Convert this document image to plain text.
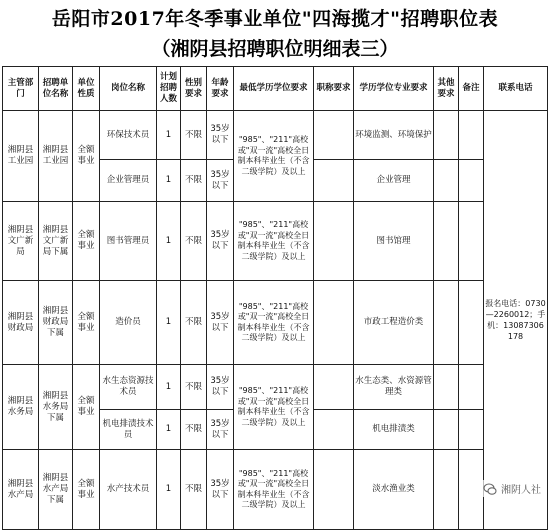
岳阳市2017年冬季事业单位"四海揽才"招聘职位表
（湘阴县招聘职位明细表三）
主管部门	招聘单位名称	单位性质	岗位名称	计划招聘人数	性别要求	年龄要求	最低学历学位要求	职称要求	学历学位专业要求	其他要求	备注	联系电话
湘阴县工业园	湘阴县工业园	全额事业	环保技术员	1	不限	35岁以下	"985"、"211"高校或"双一流"高校全日制本科毕业生（不含二级学院）及以上		环境监测、环境保护			报名电话：0730—2260012；手机：13087306178
			企业管理员	1	不限	35岁以下			企业管理			
湘阴县文广新局	湘阴县文广新局下属	全额事业	图书管理员	1	不限	35岁以下	"985"、"211"高校或"双一流"高校全日制本科毕业生（不含二级学院）及以上		图书馆理			
湘阴县财政局	湘阴县财政局下属	全额事业	造价员	1	不限	35岁以下	"985"、"211"高校或"双一流"高校全日制本科毕业生（不含二级学院）及以上		市政工程造价类			
湘阴县水务局	湘阴县水务局下属	全额事业	水生态资源技术员	1	不限	35岁以下	"985"、"211"高校或"双一流"高校全日制本科毕业生（不含二级学院）及以上		水生态类、水资源管理类			
			机电排渍技术员	1	不限	35岁以下			机电排渍类			
湘阴县水产局	湘阴县水产局下属	全额事业	水产技术员	1	不限	35岁以下	"985"、"211"高校或"双一流"高校全日制本科毕业生（不含二级学院）及以上		淡水渔业类				湘阴人社
